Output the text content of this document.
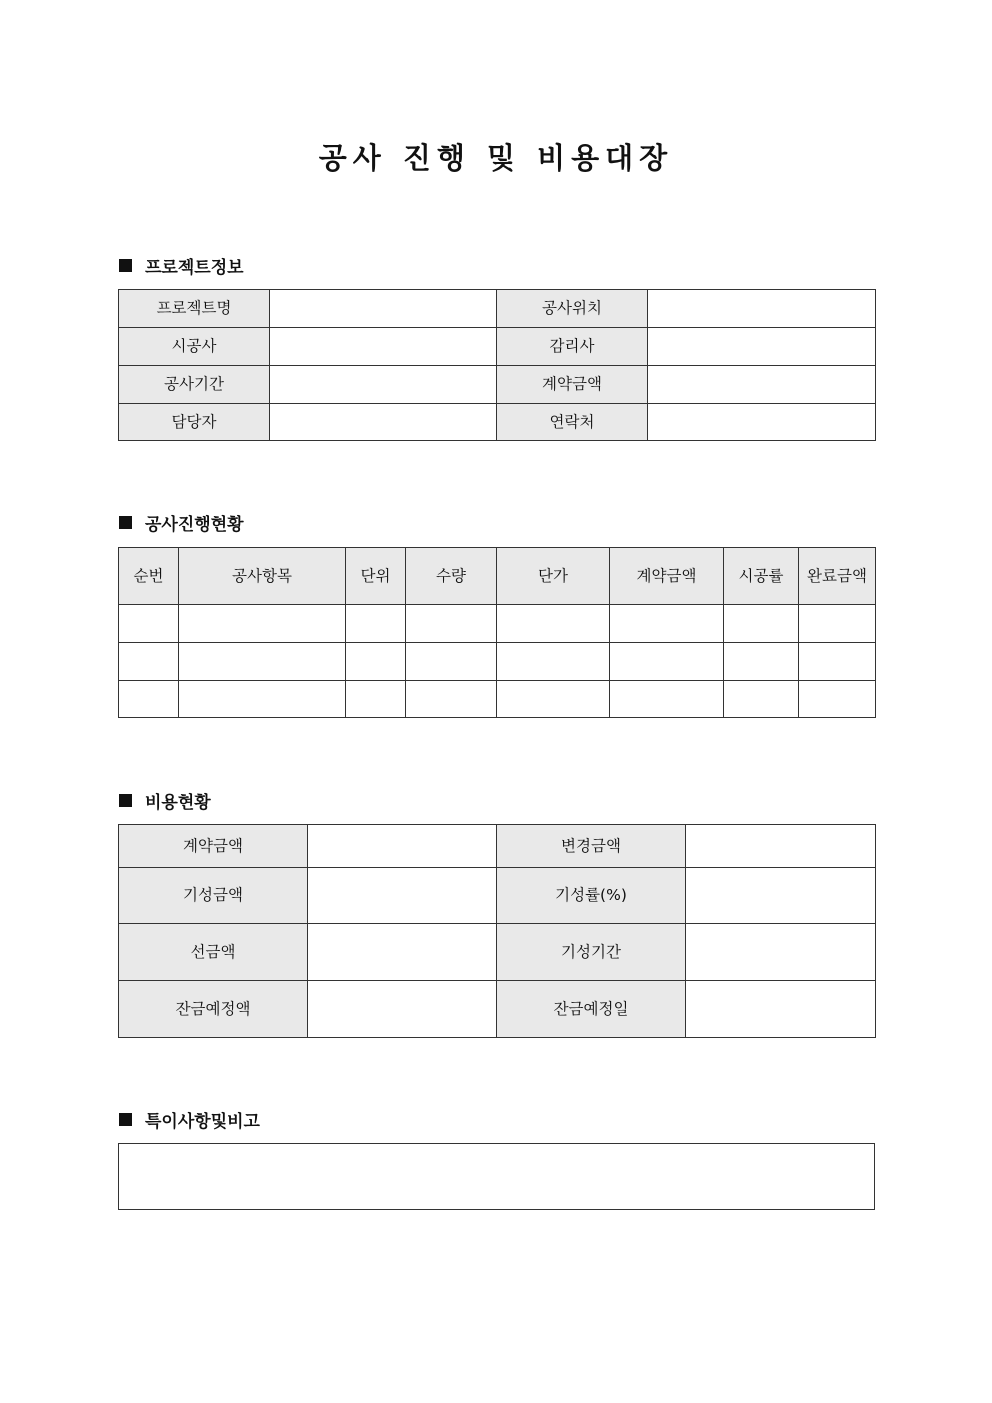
공사 진행 및 비용대장
프로젝트정보
프로젝트명		공사위치	
시공사		감리사	
공사기간		계약금액	
담당자		연락처	
공사진행현황
순번	공사항목	단위	수량	단가	계약금액	시공률	완료금액

비용현황
계약금액		변경금액	
기성금액		기성률(%)	
선금액		기성기간	
잔금예정액		잔금예정일	
특이사항및비고
